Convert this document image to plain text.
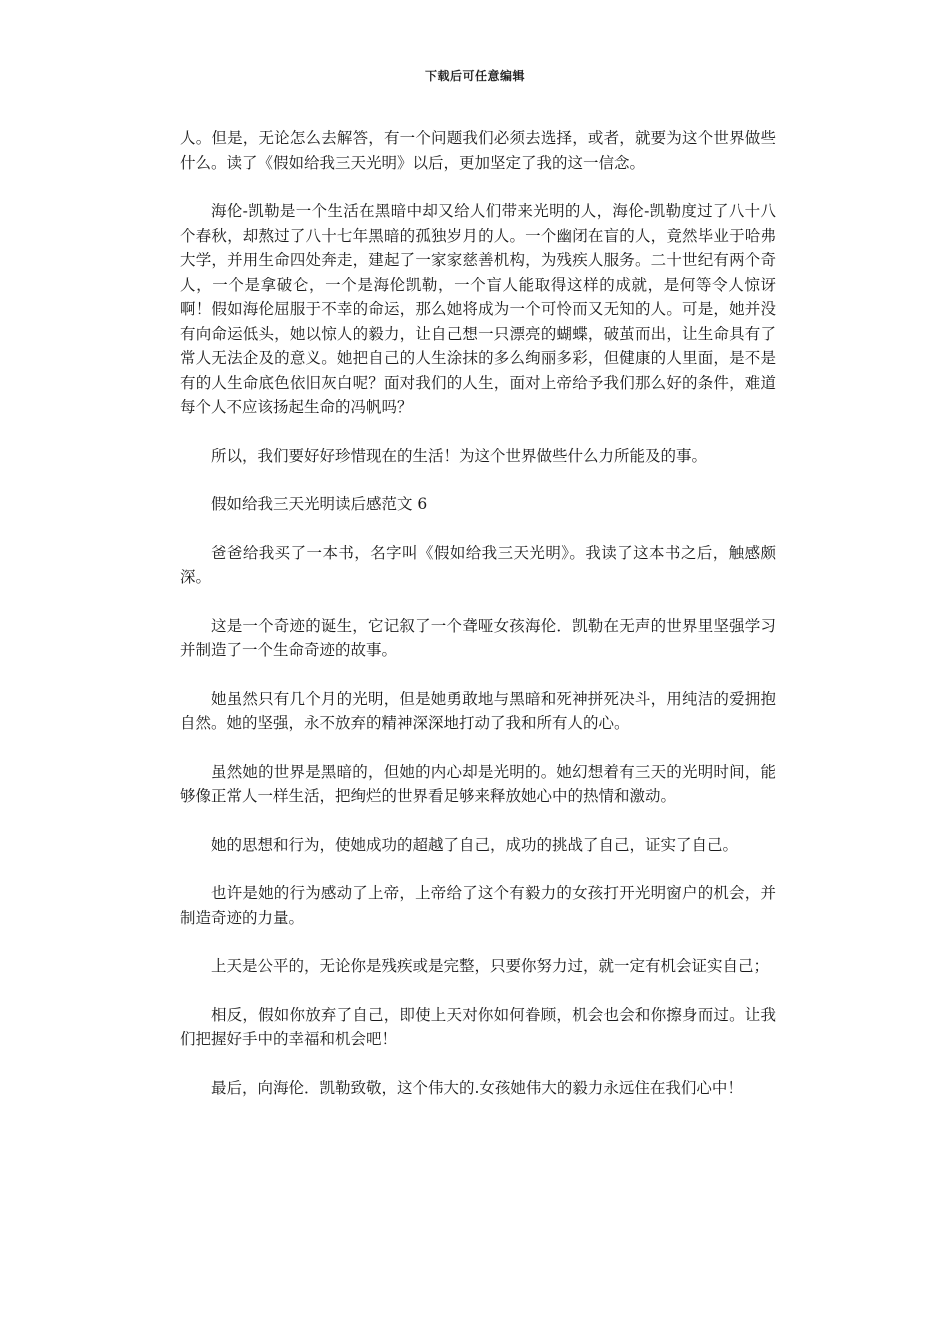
下载后可任意编辑

人。但是，无论怎么去解答，有一个问题我们必须去选择，或者，就要为这个世界做些什么。读了《假如给我三天光明》以后，更加坚定了我的这一信念。

海伦-凯勒是一个生活在黑暗中却又给人们带来光明的人，海伦-凯勒度过了八十八个春秋，却熬过了八十七年黑暗的孤独岁月的人。一个幽闭在盲的人，竟然毕业于哈弗大学，并用生命四处奔走，建起了一家家慈善机构，为残疾人服务。二十世纪有两个奇人，一个是拿破仑，一个是海伦凯勒，一个盲人能取得这样的成就，是何等令人惊讶啊！假如海伦屈服于不幸的命运，那么她将成为一个可怜而又无知的人。可是，她并没有向命运低头，她以惊人的毅力，让自己想一只漂亮的蝴蝶，破茧而出，让生命具有了常人无法企及的意义。她把自己的人生涂抹的多么绚丽多彩，但健康的人里面，是不是有的人生命底色依旧灰白呢？面对我们的人生，面对上帝给予我们那么好的条件，难道每个人不应该扬起生命的冯帆吗？

所以，我们要好好珍惜现在的生活！为这个世界做些什么力所能及的事。

假如给我三天光明读后感范文 6

爸爸给我买了一本书，名字叫《假如给我三天光明》。我读了这本书之后，触感颇深。

这是一个奇迹的诞生，它记叙了一个聋哑女孩海伦．凯勒在无声的世界里坚强学习并制造了一个生命奇迹的故事。

她虽然只有几个月的光明，但是她勇敢地与黑暗和死神拼死决斗，用纯洁的爱拥抱自然。她的坚强，永不放弃的精神深深地打动了我和所有人的心。

虽然她的世界是黑暗的，但她的内心却是光明的。她幻想着有三天的光明时间，能够像正常人一样生活，把绚烂的世界看足够来释放她心中的热情和激动。

她的思想和行为，使她成功的超越了自己，成功的挑战了自己，证实了自己。

也许是她的行为感动了上帝，上帝给了这个有毅力的女孩打开光明窗户的机会，并制造奇迹的力量。

上天是公平的，无论你是残疾或是完整，只要你努力过，就一定有机会证实自己；

相反，假如你放弃了自己，即使上天对你如何眷顾，机会也会和你擦身而过。让我们把握好手中的幸福和机会吧！

最后，向海伦．凯勒致敬，这个伟大的.女孩她伟大的毅力永远住在我们心中！
